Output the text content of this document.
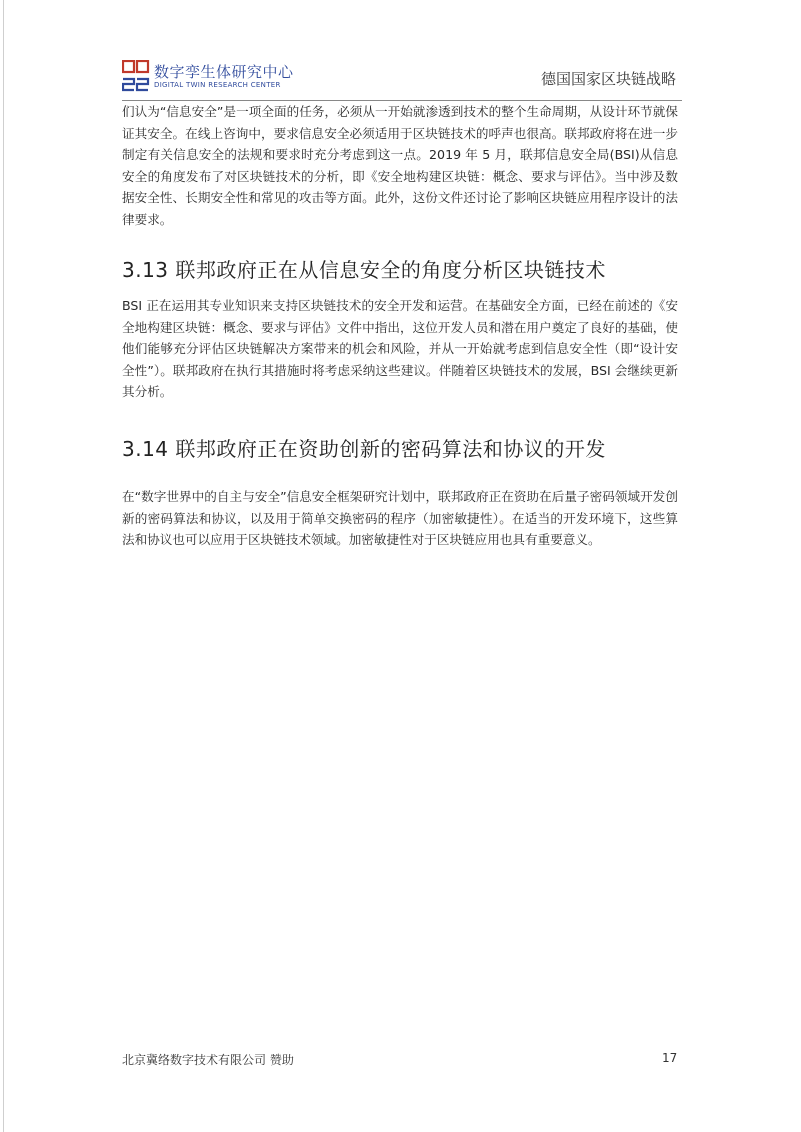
数字孪生体研究中心
DIGITAL TWIN RESEARCH CENTER	德国国家区块链战略
们认为“信息安全”是一项全面的任务，必须从一开始就渗透到技术的整个生命周期，从设计环节就保证其安全。在线上咨询中，要求信息安全必须适用于区块链技术的呼声也很高。联邦政府将在进一步制定有关信息安全的法规和要求时充分考虑到这一点。2019 年 5 月，联邦信息安全局(BSI)从信息安全的角度发布了对区块链技术的分析，即《安全地构建区块链：概念、要求与评估》。当中涉及数据安全性、长期安全性和常见的攻击等方面。此外，这份文件还讨论了影响区块链应用程序设计的法律要求。
3.13 联邦政府正在从信息安全的角度分析区块链技术
BSI 正在运用其专业知识来支持区块链技术的安全开发和运营。在基础安全方面，已经在前述的《安全地构建区块链：概念、要求与评估》文件中指出，这位开发人员和潜在用户奠定了良好的基础，使他们能够充分评估区块链解决方案带来的机会和风险，并从一开始就考虑到信息安全性（即“设计安全性”）。联邦政府在执行其措施时将考虑采纳这些建议。伴随着区块链技术的发展，BSI 会继续更新其分析。
3.14 联邦政府正在资助创新的密码算法和协议的开发
在“数字世界中的自主与安全”信息安全框架研究计划中，联邦政府正在资助在后量子密码领域开发创新的密码算法和协议，以及用于简单交换密码的程序（加密敏捷性）。在适当的开发环境下，这些算法和协议也可以应用于区块链技术领域。加密敏捷性对于区块链应用也具有重要意义。
北京冀络数字技术有限公司 赞助	17
